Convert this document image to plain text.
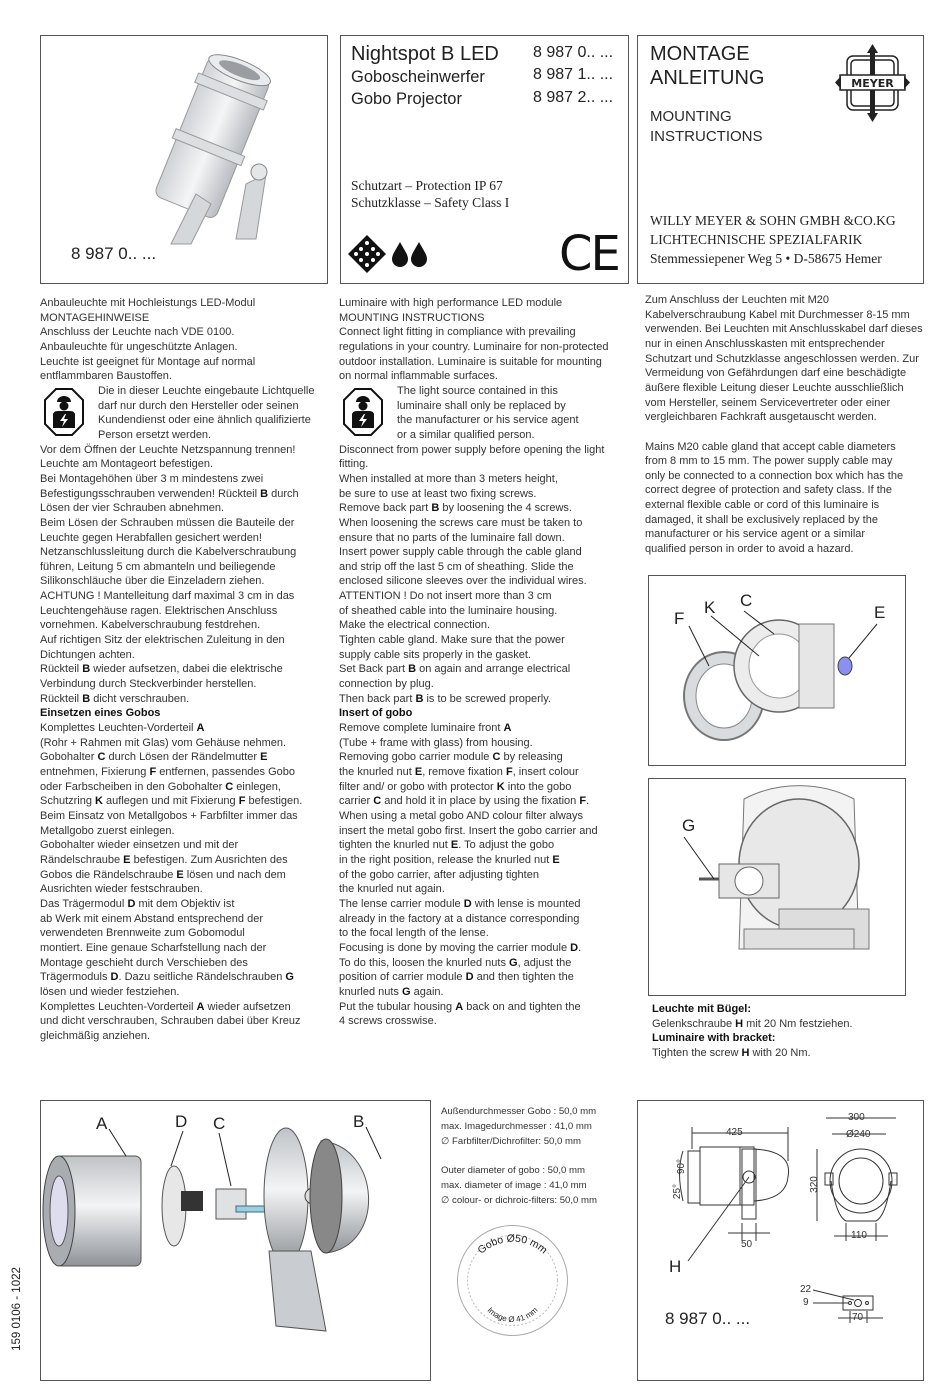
8 987 0.. ...
Nightspot B LED
Goboscheinwerfer
Gobo Projector
8 987 0.. ...
8 987 1.. ...
8 987 2.. ...
Schutzart – Protection IP 67
Schutzklasse – Safety Class I
CE
MONTAGE
ANLEITUNG
MOUNTING
INSTRUCTIONS
MEYER
WILLY MEYER & SOHN GMBH &CO.KG
LICHTECHNISCHE SPEZIALFARIK
Stemmessiepener Weg 5 • D-58675 Hemer
Anbauleuchte mit Hochleistungs LED-Modul
MONTAGEHINWEISE
Anschluss der Leuchte nach VDE 0100.
Anbauleuchte für ungeschützte Anlagen.
Leuchte ist geeignet für Montage auf normal
entflammbaren Baustoffen.
Die in dieser Leuchte eingebaute Lichtquelle
darf nur durch den Hersteller oder seinen
Kundendienst oder eine ähnlich qualifizierte
Person ersetzt werden.
Vor dem Öffnen der Leuchte Netzspannung trennen!
Leuchte am Montageort befestigen.
Bei Montagehöhen über 3 m mindestens zwei
Befestigungsschrauben verwenden! Rückteil B durch
Lösen der vier Schrauben abnehmen.
Beim Lösen der Schrauben müssen die Bauteile der
Leuchte gegen Herabfallen gesichert werden!
Netzanschlussleitung durch die Kabelverschraubung
führen, Leitung 5 cm abmanteln und beiliegende
Silikonschläuche über die Einzeladern ziehen.
ACHTUNG ! Mantelleitung darf maximal 3 cm in das
Leuchtengehäuse ragen. Elektrischen Anschluss
vornehmen. Kabelverschraubung festdrehen.
Auf richtigen Sitz der elektrischen Zuleitung in den
Dichtungen achten.
Rückteil B wieder aufsetzen, dabei die elektrische
Verbindung durch Steckverbinder herstellen.
Rückteil B dicht verschrauben.
Einsetzen eines Gobos
Komplettes Leuchten-Vorderteil A
(Rohr + Rahmen mit Glas) vom Gehäuse nehmen.
Gobohalter C durch Lösen der Rändelmutter E
entnehmen, Fixierung F entfernen, passendes Gobo
oder Farbscheiben in den Gobohalter C einlegen,
Schutzring K auflegen und mit Fixierung F befestigen.
Beim Einsatz von Metallgobos + Farbfilter immer das
Metallgobo zuerst einlegen.
Gobohalter wieder einsetzen und mit der
Rändelschraube E befestigen. Zum Ausrichten des
Gobos die Rändelschraube E lösen und nach dem
Ausrichten wieder festschrauben.
Das Trägermodul D mit dem Objektiv ist
ab Werk mit einem Abstand entsprechend der
verwendeten Brennweite zum Gobomodul
montiert. Eine genaue Scharfstellung nach der
Montage geschieht durch Verschieben des
Trägermoduls D. Dazu seitliche Rändelschrauben G
lösen und wieder festziehen.
Komplettes Leuchten-Vorderteil A wieder aufsetzen
und dicht verschrauben, Schrauben dabei über Kreuz
gleichmäßig anziehen.
Luminaire with high performance LED module
MOUNTING INSTRUCTIONS
Connect light fitting in compliance with prevailing
regulations in your country. Luminaire for non-protected
outdoor installation. Luminaire is suitable for mounting
on normal inflammable surfaces.
The light source contained in this
luminaire shall only be replaced by
the manufacturer or his service agent
or a similar qualified person.
Disconnect from power supply before opening the light
fitting.
When installed at more than 3 meters height,
be sure to use at least two fixing screws.
Remove back part B by loosening the 4 screws.
When loosening the screws care must be taken to
ensure that no parts of the luminaire fall down.
Insert power supply cable through the cable gland
and strip off the last 5 cm of sheathing. Slide the
enclosed silicone sleeves over the individual wires.
ATTENTION ! Do not insert more than 3 cm
of sheathed cable into the luminaire housing.
Make the electrical connection.
Tighten cable gland. Make sure that the power
supply cable sits properly in the gasket.
Set Back part B on again and arrange electrical
connection by plug.
Then back part B is to be screwed properly.
Insert of gobo
Remove complete luminaire front A
(Tube + frame with glass) from housing.
Removing gobo carrier module C by releasing
the knurled nut E, remove fixation F, insert colour
filter and/ or gobo with protector K into the gobo
carrier C and hold it in place by using the fixation F.
When using a metal gobo AND colour filter always
insert the metal gobo first. Insert the gobo carrier and
tighten the knurled nut E. To adjust the gobo
in the right position, release the knurled nut E
of the gobo carrier, after adjusting tighten
the knurled nut again.
The lense carrier module D with lense is mounted
already in the factory at a distance corresponding
to the focal length of the lense.
Focusing is done by moving the carrier module D.
To do this, loosen the knurled nuts G, adjust the
position of carrier module D and then tighten the
knurled nuts G again.
Put the tubular housing A back on and tighten the
4 screws crosswise.
Zum Anschluss der Leuchten mit M20
Kabelverschraubung Kabel mit Durchmesser 8-15 mm
verwenden. Bei Leuchten mit Anschlusskabel darf dieses
nur in einen Anschlusskasten mit entsprechender
Schutzart und Schutzklasse angeschlossen werden. Zur
Vermeidung von Gefährdungen darf eine beschädigte
äußere flexible Leitung dieser Leuchte ausschließlich
vom Hersteller, seinem Servicevertreter oder einer
vergleichbaren Fachkraft ausgetauscht werden.
Mains M20 cable gland that accept cable diameters
from 8 mm to 15 mm. The power supply cable may
only be connected to a connection box which has the
correct degree of protection and safety class. If the
external flexible cable or cord of this luminaire is
damaged, it shall be exclusively replaced by the
manufacturer or his service agent or a similar
qualified person in order to avoid a hazard.
F
K C
E
G
Leuchte mit Bügel:
Gelenkschraube H mit 20 Nm festziehen.
Luminaire with bracket:
Tighten the screw H with 20 Nm.
A	D C	B
Außendurchmesser Gobo : 50,0 mm
max. Imagedurchmesser : 41,0 mm
∅ Farbfilter/Dichrofilter: 50,0 mm
Outer diameter of gobo : 50,0 mm
max. diameter of image : 41,0 mm
∅ colour- or dichroic-filters: 50,0 mm
Gobo Ø50 mm
Image Ø 41 mm
425
300
Ø240
320
90°
25°
50
110
H
22
9
70
8 987 0.. ...
159 0106 - 1022
